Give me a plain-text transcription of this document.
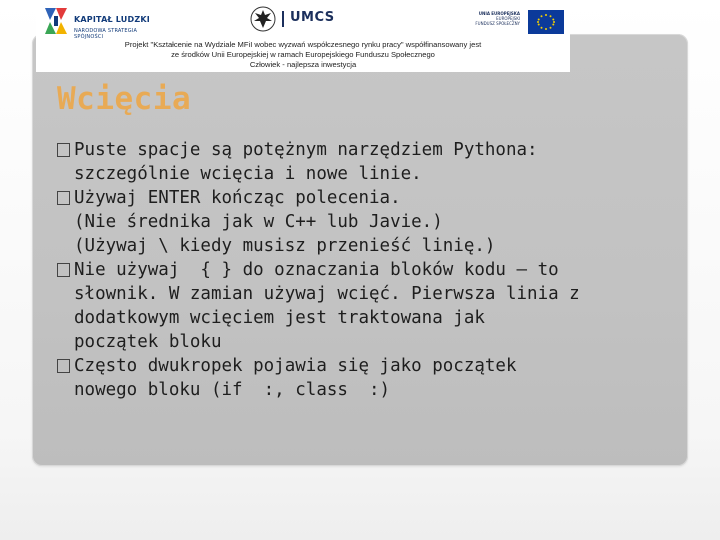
KAPITAŁ LUDZKI
NARODOWA STRATEGIA SPÓJNOŚCI
UMCS	UNIA EUROPEJSKA
EUROPEJSKI
FUNDUSZ SPOŁECZNY
Projekt "Kształcenie na Wydziale MFiI wobec wyzwań współczesnego rynku pracy" współfinansowany jest
ze środków Unii Europejskiej w ramach Europejskiego Funduszu Społecznego
Człowiek - najlepsza inwestycja
Wcięcia
Puste spacje są potężnym narzędziem Pythona:
szczególnie wcięcia i nowe linie.
Używaj ENTER kończąc polecenia.
(Nie średnika jak w C++ lub Javie.)
(Używaj \ kiedy musisz przenieść linię.)
Nie używaj  { } do oznaczania bloków kodu – to
słownik. W zamian używaj wcięć. Pierwsza linia z
dodatkowym wcięciem jest traktowana jak
początek bloku
Często dwukropek pojawia się jako początek
nowego bloku (if  :, class  :)
